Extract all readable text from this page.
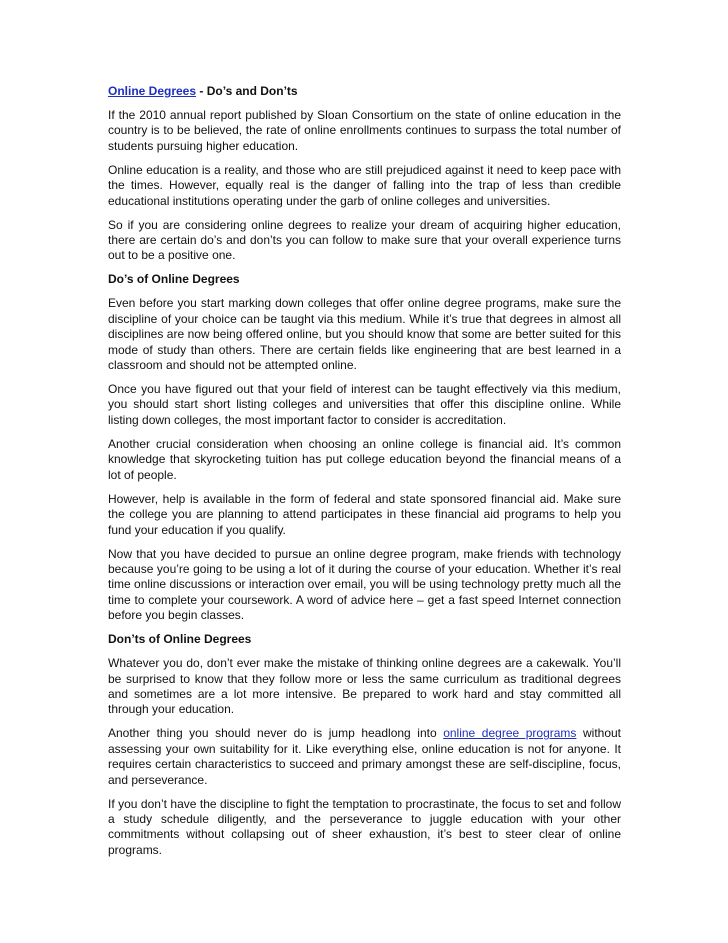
Online Degrees - Do’s and Don’ts

If the 2010 annual report published by Sloan Consortium on the state of online education in the country is to be believed, the rate of online enrollments continues to surpass the total number of students pursuing higher education.

Online education is a reality, and those who are still prejudiced against it need to keep pace with the times. However, equally real is the danger of falling into the trap of less than credible educational institutions operating under the garb of online colleges and universities.

So if you are considering online degrees to realize your dream of acquiring higher education, there are certain do’s and don’ts you can follow to make sure that your overall experience turns out to be a positive one.

Do’s of Online Degrees

Even before you start marking down colleges that offer online degree programs, make sure the discipline of your choice can be taught via this medium. While it’s true that degrees in almost all disciplines are now being offered online, but you should know that some are better suited for this mode of study than others. There are certain fields like engineering that are best learned in a classroom and should not be attempted online.

Once you have figured out that your field of interest can be taught effectively via this medium, you should start short listing colleges and universities that offer this discipline online. While listing down colleges, the most important factor to consider is accreditation.

Another crucial consideration when choosing an online college is financial aid. It’s common knowledge that skyrocketing tuition has put college education beyond the financial means of a lot of people.

However, help is available in the form of federal and state sponsored financial aid. Make sure the college you are planning to attend participates in these financial aid programs to help you fund your education if you qualify.

Now that you have decided to pursue an online degree program, make friends with technology because you’re going to be using a lot of it during the course of your education. Whether it’s real time online discussions or interaction over email, you will be using technology pretty much all the time to complete your coursework. A word of advice here – get a fast speed Internet connection before you begin classes.

Don’ts of Online Degrees

Whatever you do, don’t ever make the mistake of thinking online degrees are a cakewalk. You’ll be surprised to know that they follow more or less the same curriculum as traditional degrees and sometimes are a lot more intensive. Be prepared to work hard and stay committed all through your education.

Another thing you should never do is jump headlong into online degree programs without assessing your own suitability for it. Like everything else, online education is not for anyone. It requires certain characteristics to succeed and primary amongst these are self-discipline, focus, and perseverance.

If you don’t have the discipline to fight the temptation to procrastinate, the focus to set and follow a study schedule diligently, and the perseverance to juggle education with your other commitments without collapsing out of sheer exhaustion, it’s best to steer clear of online programs.
